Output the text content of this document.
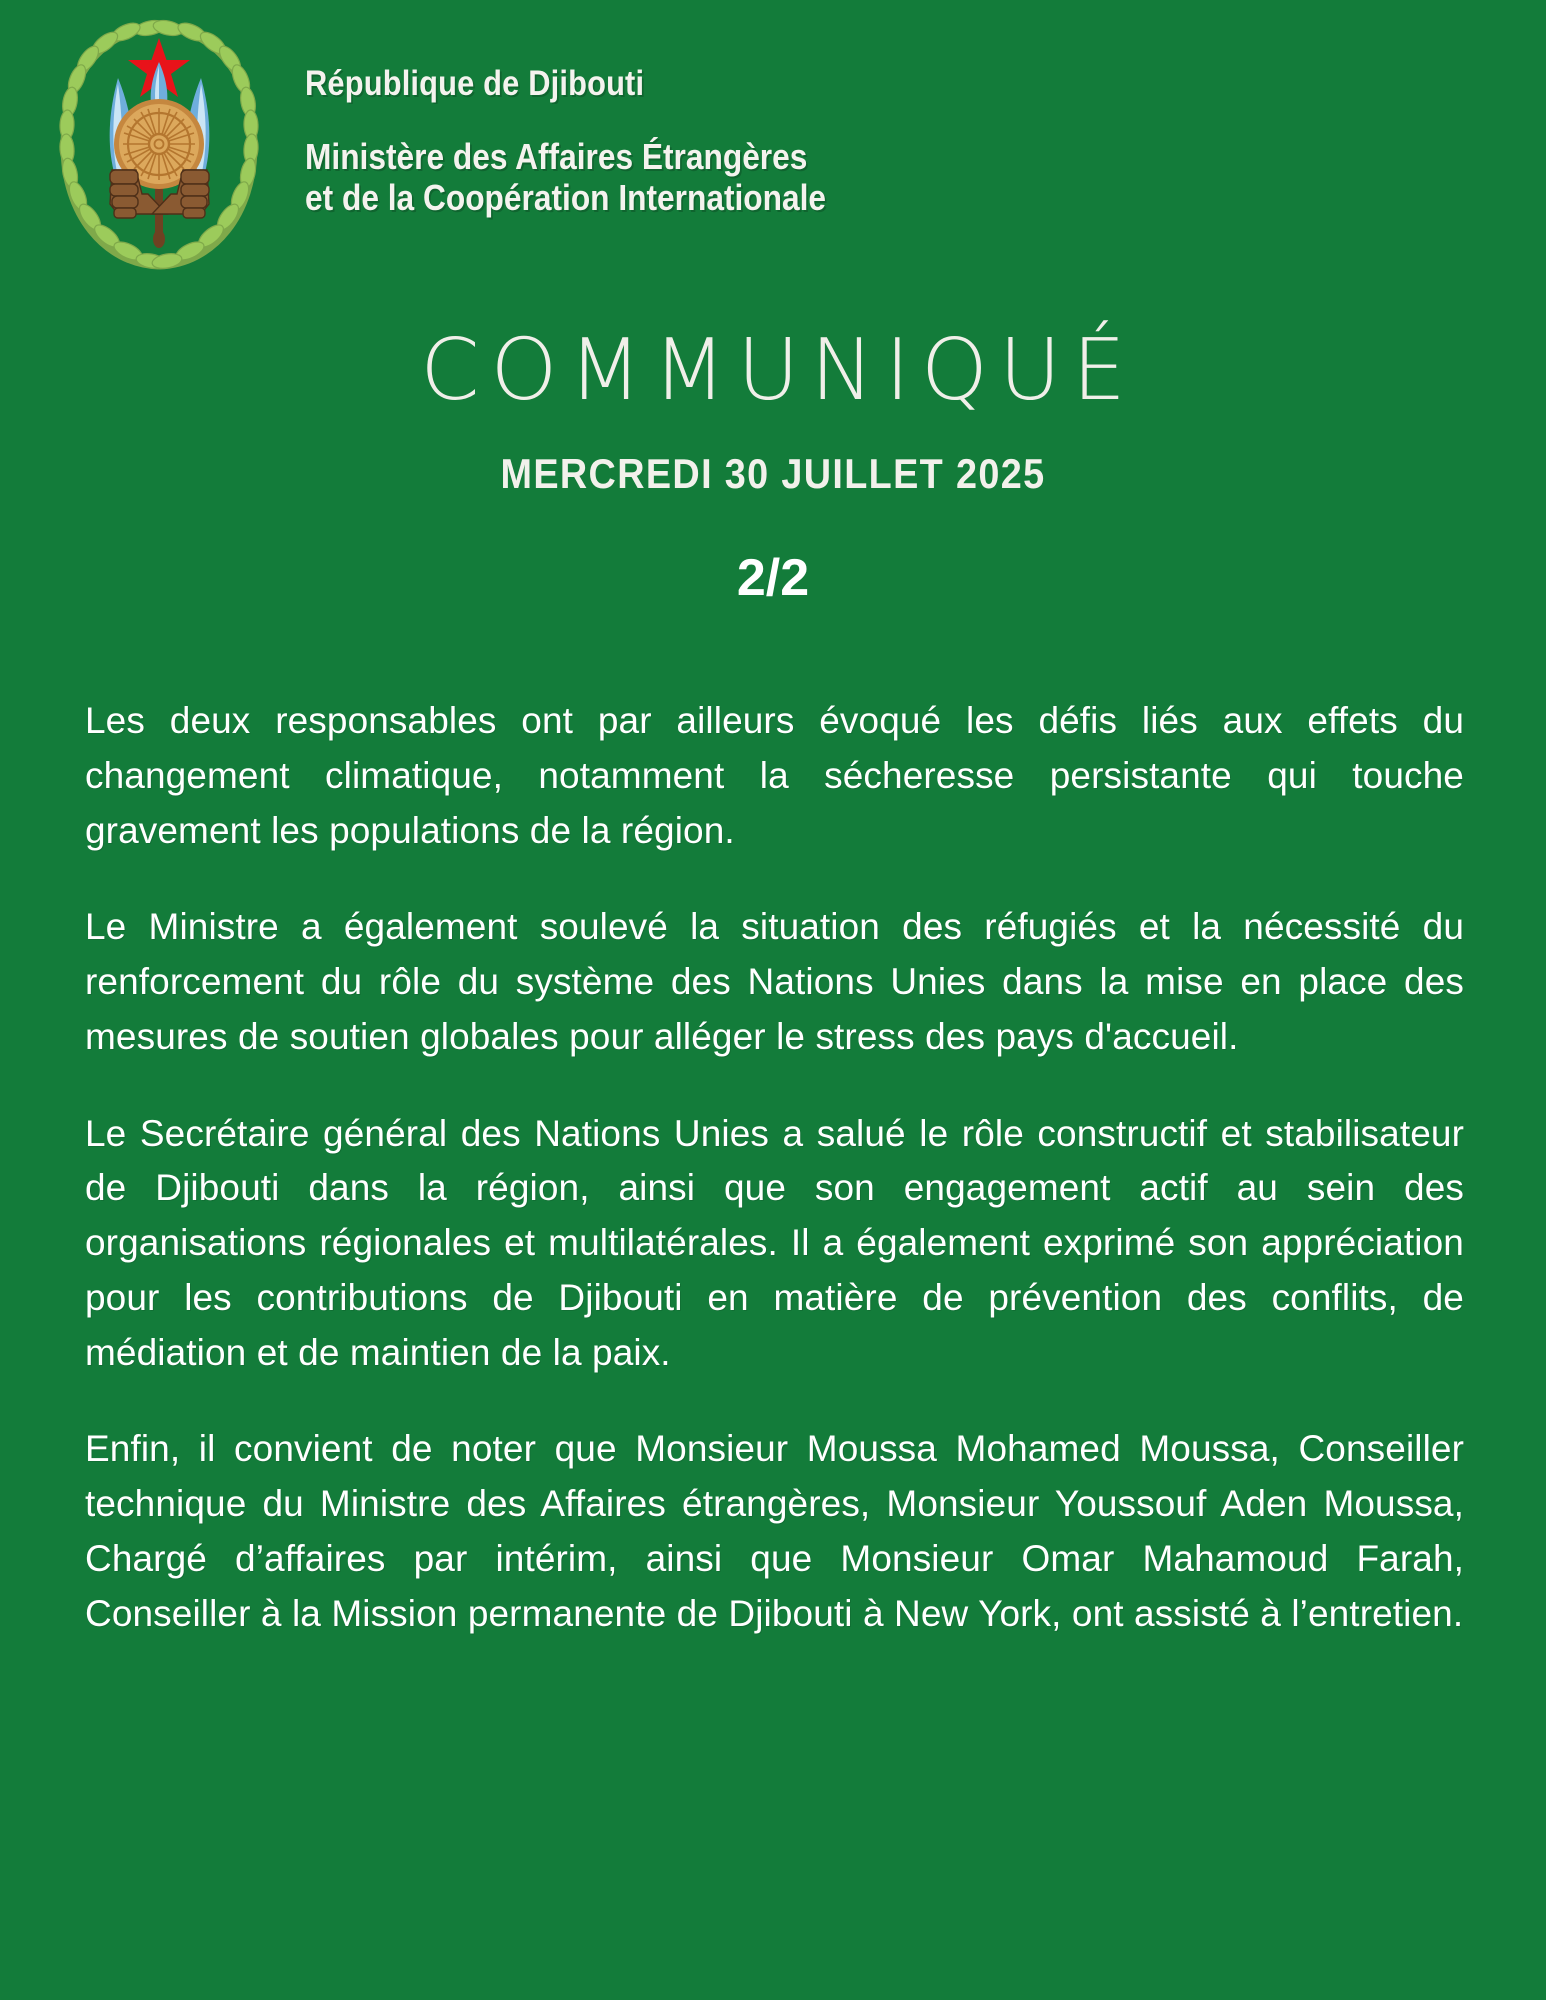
République de Djibouti
Ministère des Affaires Étrangères
et de la Coopération Internationale
COMMUNIQUÉ
MERCREDI 30 JUILLET 2025
2/2

Les deux responsables ont par ailleurs évoqué les défis liés aux effets du changement climatique, notamment la sécheresse persistante qui touche gravement les populations de la région.

Le Ministre a également soulevé la situation des réfugiés et la nécessité du renforcement du rôle du système des Nations Unies dans la mise en place des mesures de soutien globales pour alléger le stress des pays d'accueil.

Le Secrétaire général des Nations Unies a salué le rôle constructif et stabilisateur de Djibouti dans la région, ainsi que son engagement actif au sein des organisations régionales et multilatérales. Il a également exprimé son appréciation pour les contributions de Djibouti en matière de prévention des conflits, de médiation et de maintien de la paix.

Enfin, il convient de noter que Monsieur Moussa Mohamed Moussa, Conseiller technique du Ministre des Affaires étrangères, Monsieur Youssouf Aden Moussa, Chargé d’affaires par intérim, ainsi que Monsieur Omar Mahamoud Farah, Conseiller à la Mission permanente de Djibouti à New York, ont assisté à l’entretien.
